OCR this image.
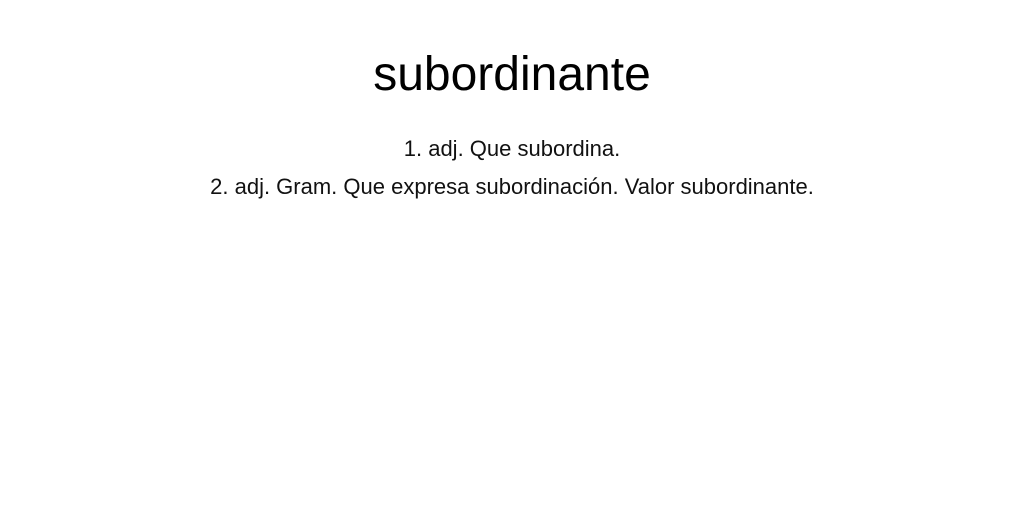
subordinante
1. adj. Que subordina.
2. adj. Gram. Que expresa subordinación. Valor subordinante.
